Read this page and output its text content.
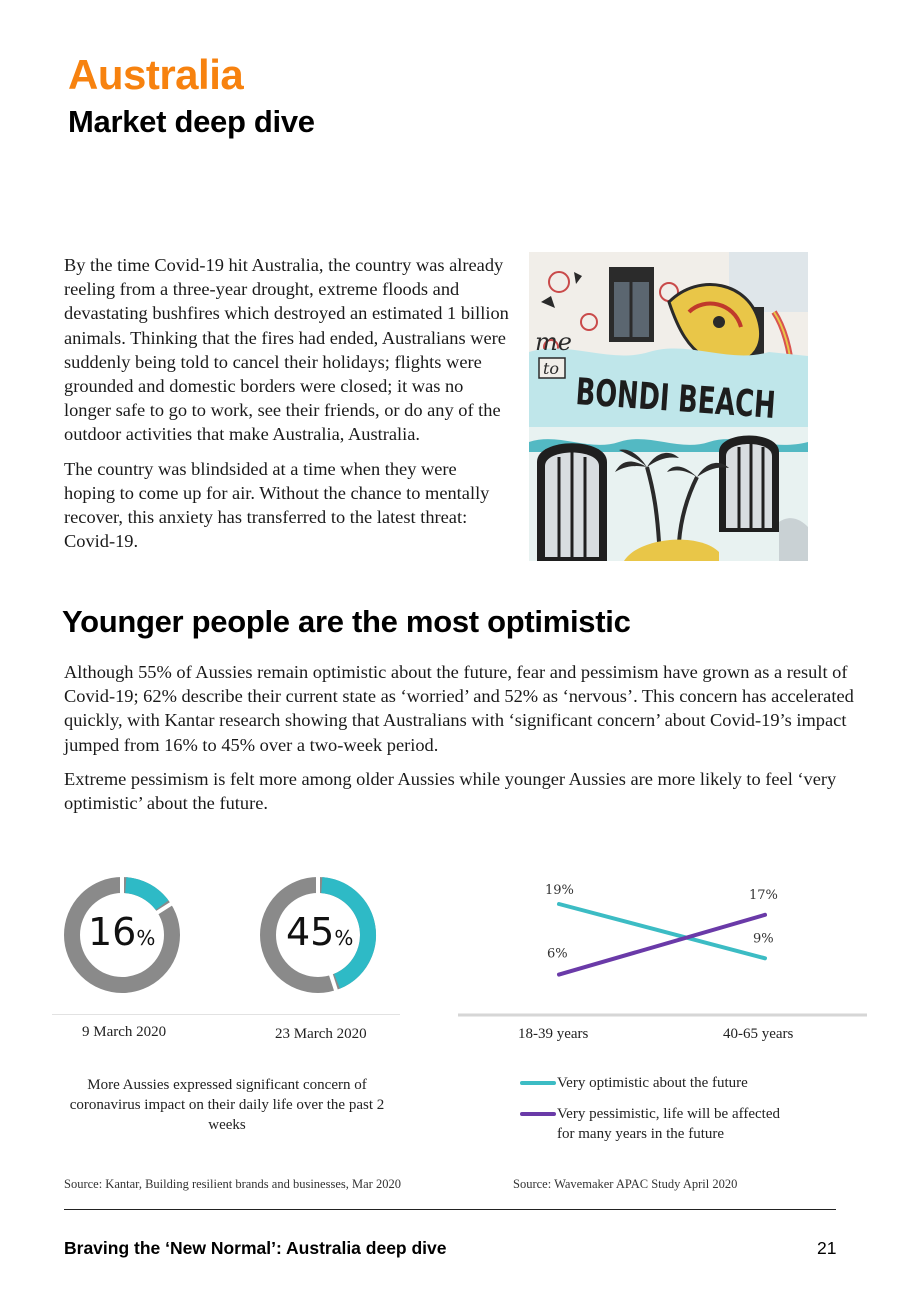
Australia
Market deep dive

By the time Covid-19 hit Australia, the country was already reeling from a three-year drought, extreme floods and devastating bushfires which destroyed an estimated 1 billion animals. Thinking that the fires had ended, Australians were suddenly being told to cancel their holidays; flights were grounded and domestic borders were closed; it was no longer safe to go to work, see their friends, or do any of the outdoor activities that make Australia, Australia.

The country was blindsided at a time when they were hoping to come up for air. Without the chance to mentally recover, this anxiety has transferred to the latest threat: Covid-19.

me
to
BONDI BEACH
Younger people are the most optimistic

Although 55% of Aussies remain optimistic about the future, fear and pessimism have grown as a result of Covid-19; 62% describe their current state as ‘worried’ and 52% as ‘nervous’. This concern has accelerated quickly, with Kantar research showing that Australians with ‘significant concern’ about Covid-19’s impact jumped from 16% to 45% over a two-week period.

Extreme pessimism is felt more among older Aussies while younger Aussies are more likely to feel ‘very optimistic’ about the future.

16%	45%
9 March 2020	23 March 2020
More Aussies expressed significant concern of coronavirus impact on their daily life over the past 2 weeks
Source: Kantar, Building resilient brands and businesses, Mar 2020
19%
9%
6%
17%
18-39 years	40-65 years
Very optimistic about the future
Very pessimistic, life will be affected
for many years in the future
Source: Wavemaker APAC Study April 2020
Braving the ‘New Normal’: Australia deep dive	21
